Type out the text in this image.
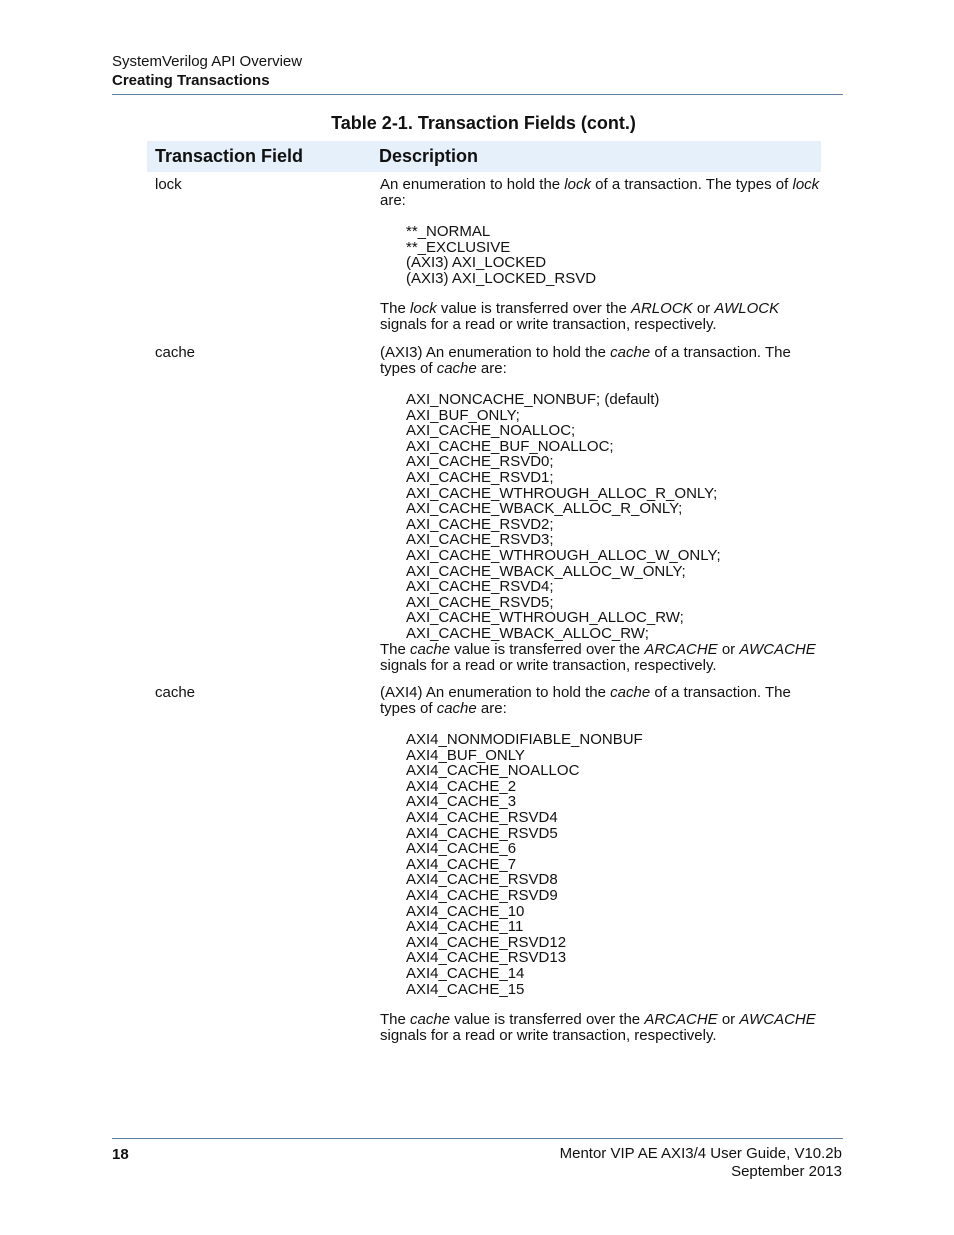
SystemVerilog API Overview
Creating Transactions
Table 2-1. Transaction Fields (cont.)
Transaction Field	Description
lock	An enumeration to hold the lock of a transaction. The types of lock are:

**_NORMAL
**_EXCLUSIVE
(AXI3) AXI_LOCKED
(AXI3) AXI_LOCKED_RSVD

The lock value is transferred over the ARLOCK or AWLOCK signals for a read or write transaction, respectively.

cache	(AXI3) An enumeration to hold the cache of a transaction. The types of cache are:

AXI_NONCACHE_NONBUF; (default)
AXI_BUF_ONLY;
AXI_CACHE_NOALLOC;
AXI_CACHE_BUF_NOALLOC;
AXI_CACHE_RSVD0;
AXI_CACHE_RSVD1;
AXI_CACHE_WTHROUGH_ALLOC_R_ONLY;
AXI_CACHE_WBACK_ALLOC_R_ONLY;
AXI_CACHE_RSVD2;
AXI_CACHE_RSVD3;
AXI_CACHE_WTHROUGH_ALLOC_W_ONLY;
AXI_CACHE_WBACK_ALLOC_W_ONLY;
AXI_CACHE_RSVD4;
AXI_CACHE_RSVD5;
AXI_CACHE_WTHROUGH_ALLOC_RW;
AXI_CACHE_WBACK_ALLOC_RW;

The cache value is transferred over the ARCACHE or AWCACHE signals for a read or write transaction, respectively.

cache	(AXI4) An enumeration to hold the cache of a transaction. The types of cache are:

AXI4_NONMODIFIABLE_NONBUF
AXI4_BUF_ONLY
AXI4_CACHE_NOALLOC
AXI4_CACHE_2
AXI4_CACHE_3
AXI4_CACHE_RSVD4
AXI4_CACHE_RSVD5
AXI4_CACHE_6
AXI4_CACHE_7
AXI4_CACHE_RSVD8
AXI4_CACHE_RSVD9
AXI4_CACHE_10
AXI4_CACHE_11
AXI4_CACHE_RSVD12
AXI4_CACHE_RSVD13
AXI4_CACHE_14
AXI4_CACHE_15

The cache value is transferred over the ARCACHE or AWCACHE signals for a read or write transaction, respectively.

18	Mentor VIP AE AXI3/4 User Guide, V10.2b
September 2013
